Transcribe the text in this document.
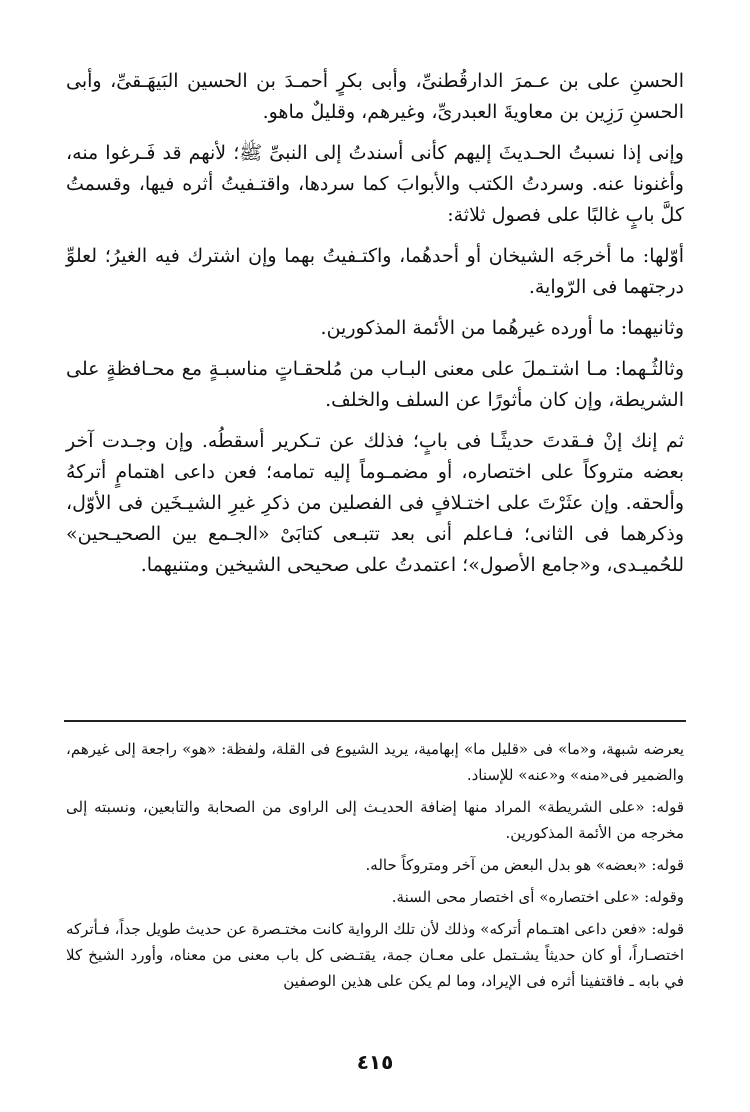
الحسنِ على بن عـمرَ الدارقُطنىِّ، وأبى بكرٍ أحمـدَ بن الحسين البَيهَـقىِّ، وأبى الحسنِ رَزِين بن معاويةَ العبدرىِّ، وغيرهم، وقليلٌ ماهو.

وإنى إذا نسبتُ الحـديثَ إليهم كأنى أسندتُ إلى النبىِّ ﷺ؛ لأنهم قد فَـرغوا منه، وأغنونا عنه. وسردتُ الكتب والأبوابَ كما سردها، واقتـفيتُ أثره فيها، وقسمتُ كلَّ بابٍ غالبًا على فصول ثلاثة:

أوّلها: ما أخرجَه الشيخان أو أحدهُما، واكتـفيتُ بهما وإن اشترك فيه الغيرُ؛ لعلوِّ درجتهما فى الرّواية.

وثانيهما: ما أورده غيرهُما من الأئمة المذكورين.

وثالثُـهما: مـا اشتـملَ على معنى البـاب من مُلحقـاتٍ مناسبـةٍ مع محـافظةٍ على الشريطة، وإن كان مأثورًا عن السلف والخلف.

ثم إنك إنْ فـقدتَ حديثًـا فى بابٍ؛ فذلك عن تـكرير أسقطُه. وإن وجـدت آخر بعضه متروكاً على اختصاره، أو مضمـوماً إليه تمامه؛ فعن داعى اهتمامٍ أتركهُ وألحقه. وإن عثَرْتَ على اختـلافٍ فى الفصلين من ذكرِ غيرِ الشيـخَين فى الأوّل، وذكرهما فى الثانى؛ فـاعلم أنى بعد تتبـعى كتابَىْ «الجـمع بين الصحيـحين» للحُميـدى، و«جامع الأصول»؛ اعتمدتُ على صحيحى الشيخين ومتنيهما.

يعرضه شبهة، و«ما» فى «قليل ما» إبهامية، يريد الشيوع فى القلة، ولفظة: «هو» راجعة إلى غيرهم، والضمير فى«منه» و«عنه» للإسناد.

قوله: «على الشريطة» المراد منها إضافة الحديـث إلى الراوى من الصحابة والتابعين، ونسبته إلى مخرجه من الأئمة المذكورين.

قوله: «بعضه» هو بدل البعض من آخر ومتروكاً حاله.

وقوله: «على اختصاره» أى اختصار محى السنة.

قوله: «فعن داعى اهتـمام أتركه» وذلك لأن تلك الرواية كانت مختـصرة عن حديث طويل جداً، فـأتركه اختصـاراً، أو كان حديثاً يشـتمل على معـان جمة، يقتـضى كل باب معنى من معناه، وأورد الشيخ كلا في بابه ـ فاقتفينا أثره فى الإيراد، وما لم يكن على هذين الوصفين

٤١٥
